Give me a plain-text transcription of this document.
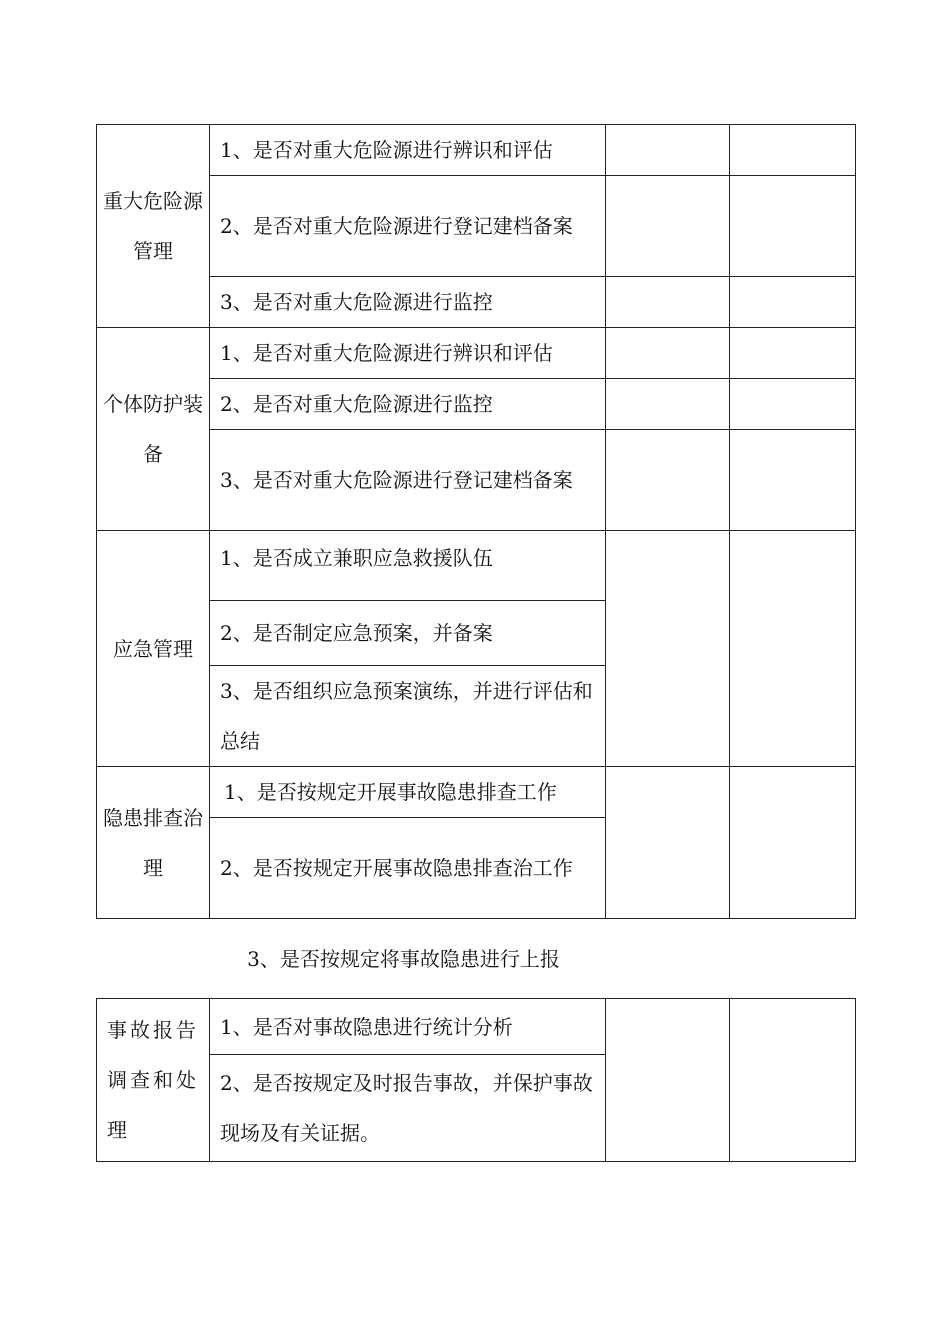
重大危险源管理	1、是否对重大危险源进行辨识和评估		
	2、是否对重大危险源进行登记建档备案		
	3、是否对重大危险源进行监控		
个体防护装备	1、是否对重大危险源进行辨识和评估		
	2、是否对重大危险源进行监控		
	3、是否对重大危险源进行登记建档备案		
应急管理	1、是否成立兼职应急救援队伍		
	2、是否制定应急预案，并备案		
	3、是否组织应急预案演练，并进行评估和总结		
隐患排查治理	1、是否按规定开展事故隐患排查工作		
	2、是否按规定开展事故隐患排查治工作		
	3、是否按规定将事故隐患进行上报		
事故报告调查和处理	1、是否对事故隐患进行统计分析		
	2、是否按规定及时报告事故，并保护事故现场及有关证据。		
